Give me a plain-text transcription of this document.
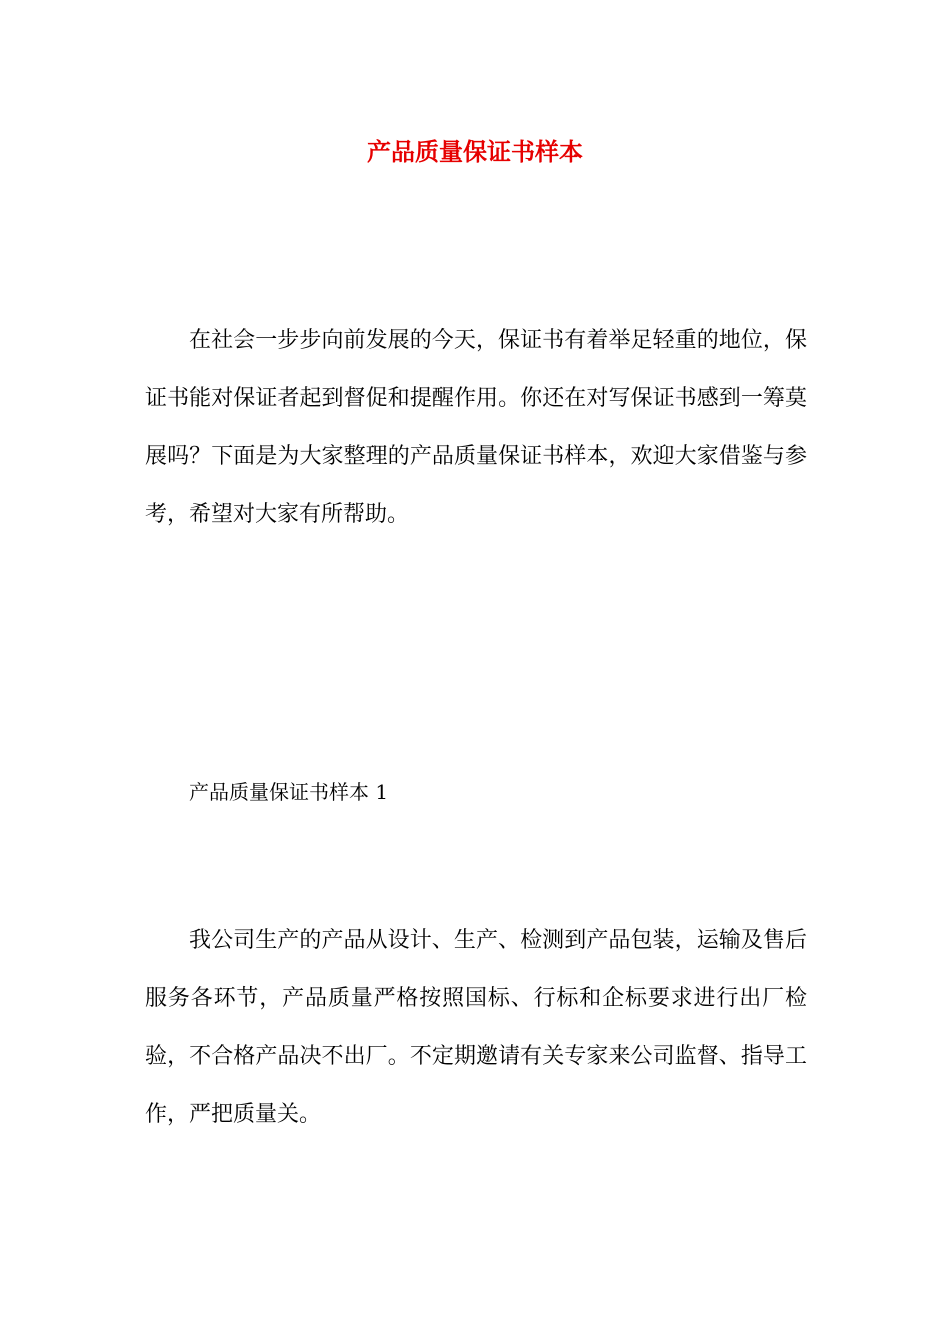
产品质量保证书样本

在社会一步步向前发展的今天，保证书有着举足轻重的地位，保证书能对保证者起到督促和提醒作用。你还在对写保证书感到一筹莫展吗？下面是为大家整理的产品质量保证书样本，欢迎大家借鉴与参考，希望对大家有所帮助。

产品质量保证书样本 1

我公司生产的产品从设计、生产、检测到产品包装，运输及售后服务各环节，产品质量严格按照国标、行标和企标要求进行出厂检验，不合格产品决不出厂。不定期邀请有关专家来公司监督、指导工作，严把质量关。
